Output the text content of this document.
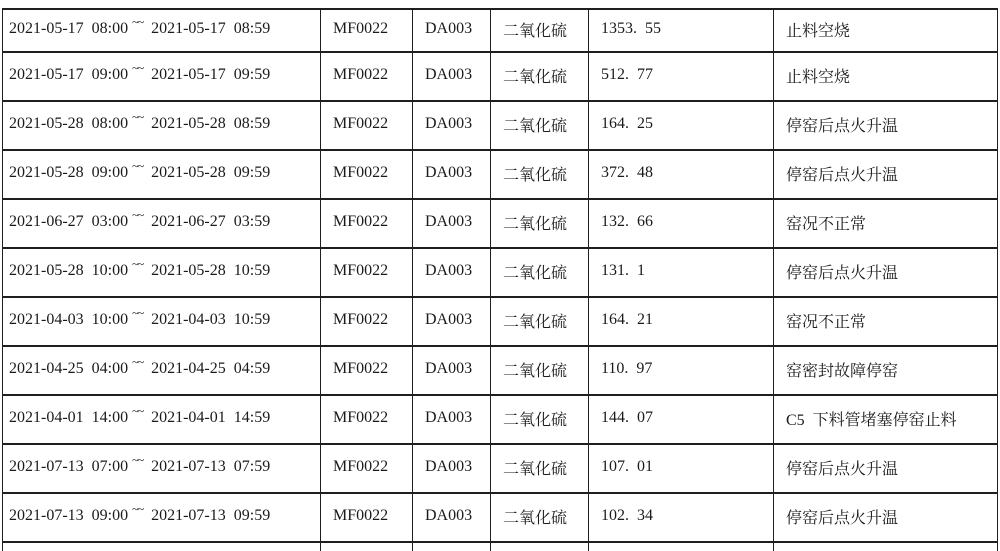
2021-05-17 08:00 ~~ 2021-05-17 08:59	MF0022	DA003	二氧化硫	1353. 55	止料空烧
2021-05-17 09:00 ~~ 2021-05-17 09:59	MF0022	DA003	二氧化硫	512. 77	止料空烧
2021-05-28 08:00 ~~ 2021-05-28 08:59	MF0022	DA003	二氧化硫	164. 25	停窑后点火升温
2021-05-28 09:00 ~~ 2021-05-28 09:59	MF0022	DA003	二氧化硫	372. 48	停窑后点火升温
2021-06-27 03:00 ~~ 2021-06-27 03:59	MF0022	DA003	二氧化硫	132. 66	窑况不正常
2021-05-28 10:00 ~~ 2021-05-28 10:59	MF0022	DA003	二氧化硫	131. 1	停窑后点火升温
2021-04-03 10:00 ~~ 2021-04-03 10:59	MF0022	DA003	二氧化硫	164. 21	窑况不正常
2021-04-25 04:00 ~~ 2021-04-25 04:59	MF0022	DA003	二氧化硫	110. 97	窑密封故障停窑
2021-04-01 14:00 ~~ 2021-04-01 14:59	MF0022	DA003	二氧化硫	144. 07	C5 下料管堵塞停窑止料
2021-07-13 07:00 ~~ 2021-07-13 07:59	MF0022	DA003	二氧化硫	107. 01	停窑后点火升温
2021-07-13 09:00 ~~ 2021-07-13 09:59	MF0022	DA003	二氧化硫	102. 34	停窑后点火升温
